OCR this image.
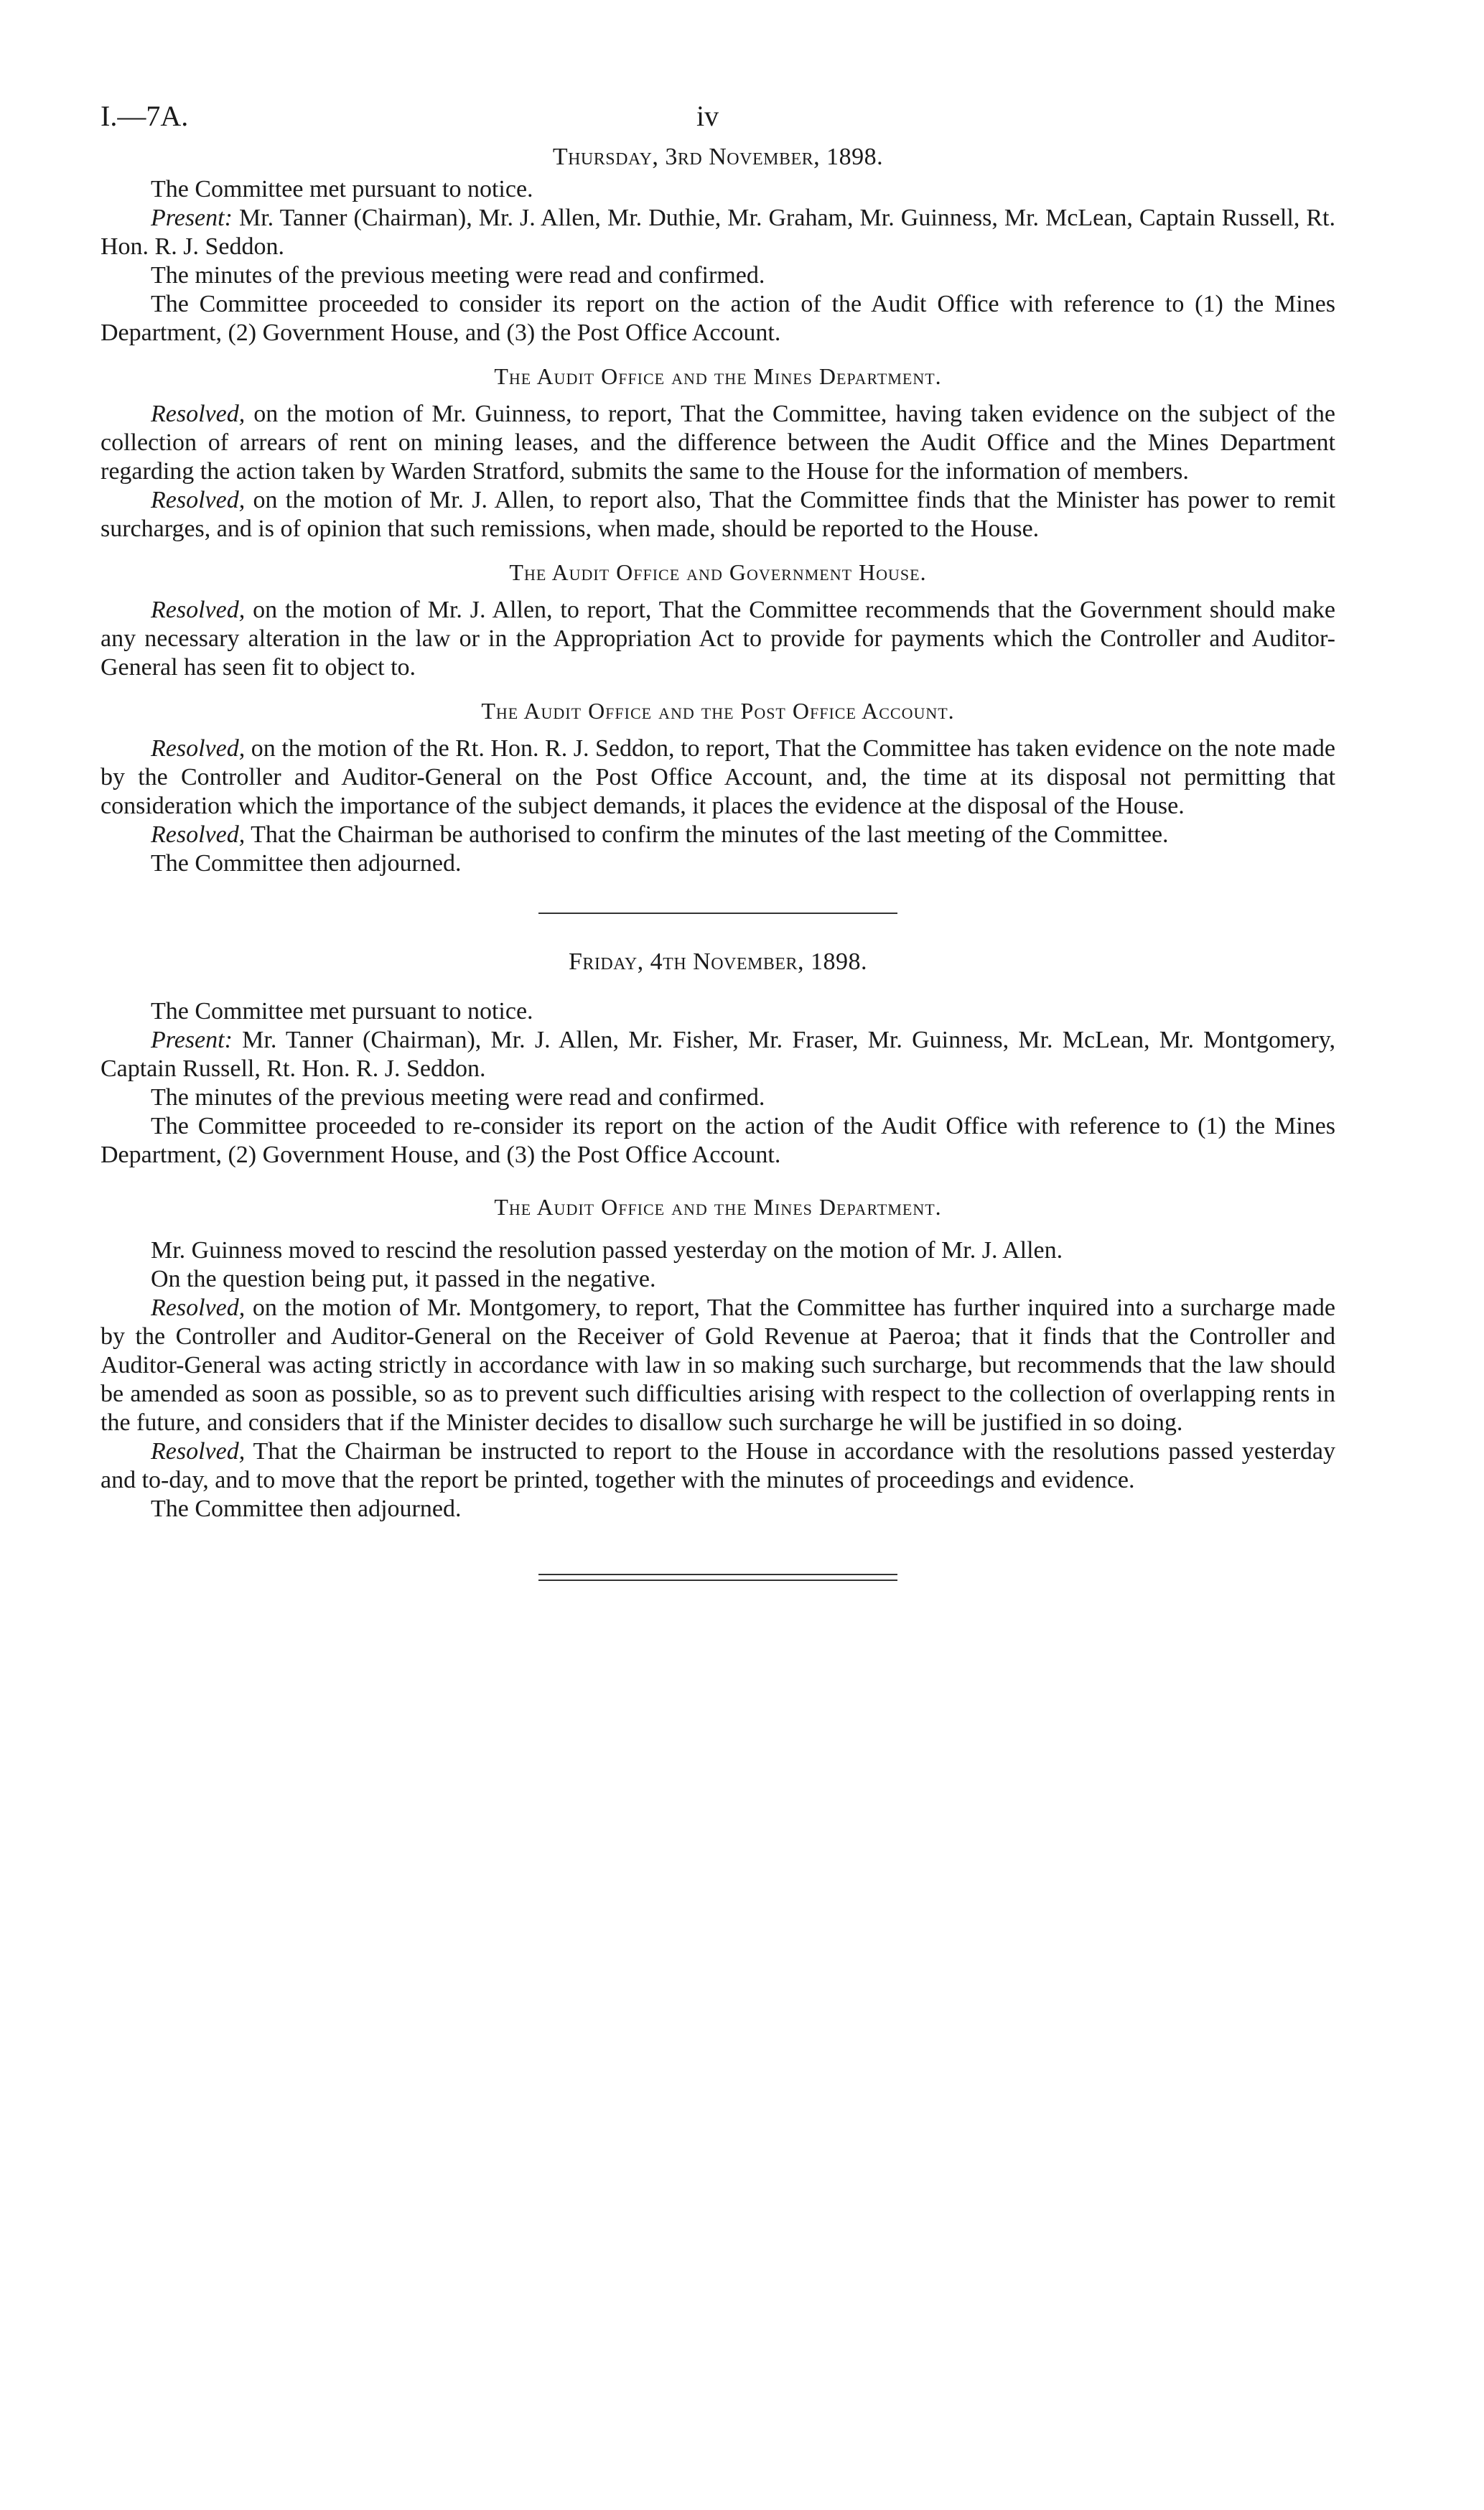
I.—7A.	iv
Thursday, 3rd November, 1898.

The Committee met pursuant to notice.

Present: Mr. Tanner (Chairman), Mr. J. Allen, Mr. Duthie, Mr. Graham, Mr. Guinness, Mr. McLean, Captain Russell, Rt. Hon. R. J. Seddon.

The minutes of the previous meeting were read and confirmed.

The Committee proceeded to consider its report on the action of the Audit Office with reference to (1) the Mines Department, (2) Government House, and (3) the Post Office Account.

The Audit Office and the Mines Department.

Resolved, on the motion of Mr. Guinness, to report, That the Committee, having taken evidence on the subject of the collection of arrears of rent on mining leases, and the difference between the Audit Office and the Mines Department regarding the action taken by Warden Stratford, submits the same to the House for the information of members.

Resolved, on the motion of Mr. J. Allen, to report also, That the Committee finds that the Minister has power to remit surcharges, and is of opinion that such remissions, when made, should be reported to the House.

The Audit Office and Government House.

Resolved, on the motion of Mr. J. Allen, to report, That the Committee recommends that the Government should make any necessary alteration in the law or in the Appropriation Act to provide for payments which the Controller and Auditor-General has seen fit to object to.

The Audit Office and the Post Office Account.

Resolved, on the motion of the Rt. Hon. R. J. Seddon, to report, That the Committee has taken evidence on the note made by the Controller and Auditor-General on the Post Office Account, and, the time at its disposal not permitting that consideration which the importance of the subject demands, it places the evidence at the disposal of the House.

Resolved, That the Chairman be authorised to confirm the minutes of the last meeting of the Committee.

The Committee then adjourned.

Friday, 4th November, 1898.

The Committee met pursuant to notice.

Present: Mr. Tanner (Chairman), Mr. J. Allen, Mr. Fisher, Mr. Fraser, Mr. Guinness, Mr. McLean, Mr. Montgomery, Captain Russell, Rt. Hon. R. J. Seddon.

The minutes of the previous meeting were read and confirmed.

The Committee proceeded to re-consider its report on the action of the Audit Office with reference to (1) the Mines Department, (2) Government House, and (3) the Post Office Account.

The Audit Office and the Mines Department.

Mr. Guinness moved to rescind the resolution passed yesterday on the motion of Mr. J. Allen.

On the question being put, it passed in the negative.

Resolved, on the motion of Mr. Montgomery, to report, That the Committee has further inquired into a surcharge made by the Controller and Auditor-General on the Receiver of Gold Revenue at Paeroa; that it finds that the Controller and Auditor-General was acting strictly in accordance with law in so making such surcharge, but recommends that the law should be amended as soon as possible, so as to prevent such difficulties arising with respect to the collection of overlapping rents in the future, and considers that if the Minister decides to disallow such surcharge he will be justified in so doing.

Resolved, That the Chairman be instructed to report to the House in accordance with the resolutions passed yesterday and to-day, and to move that the report be printed, together with the minutes of proceedings and evidence.

The Committee then adjourned.
